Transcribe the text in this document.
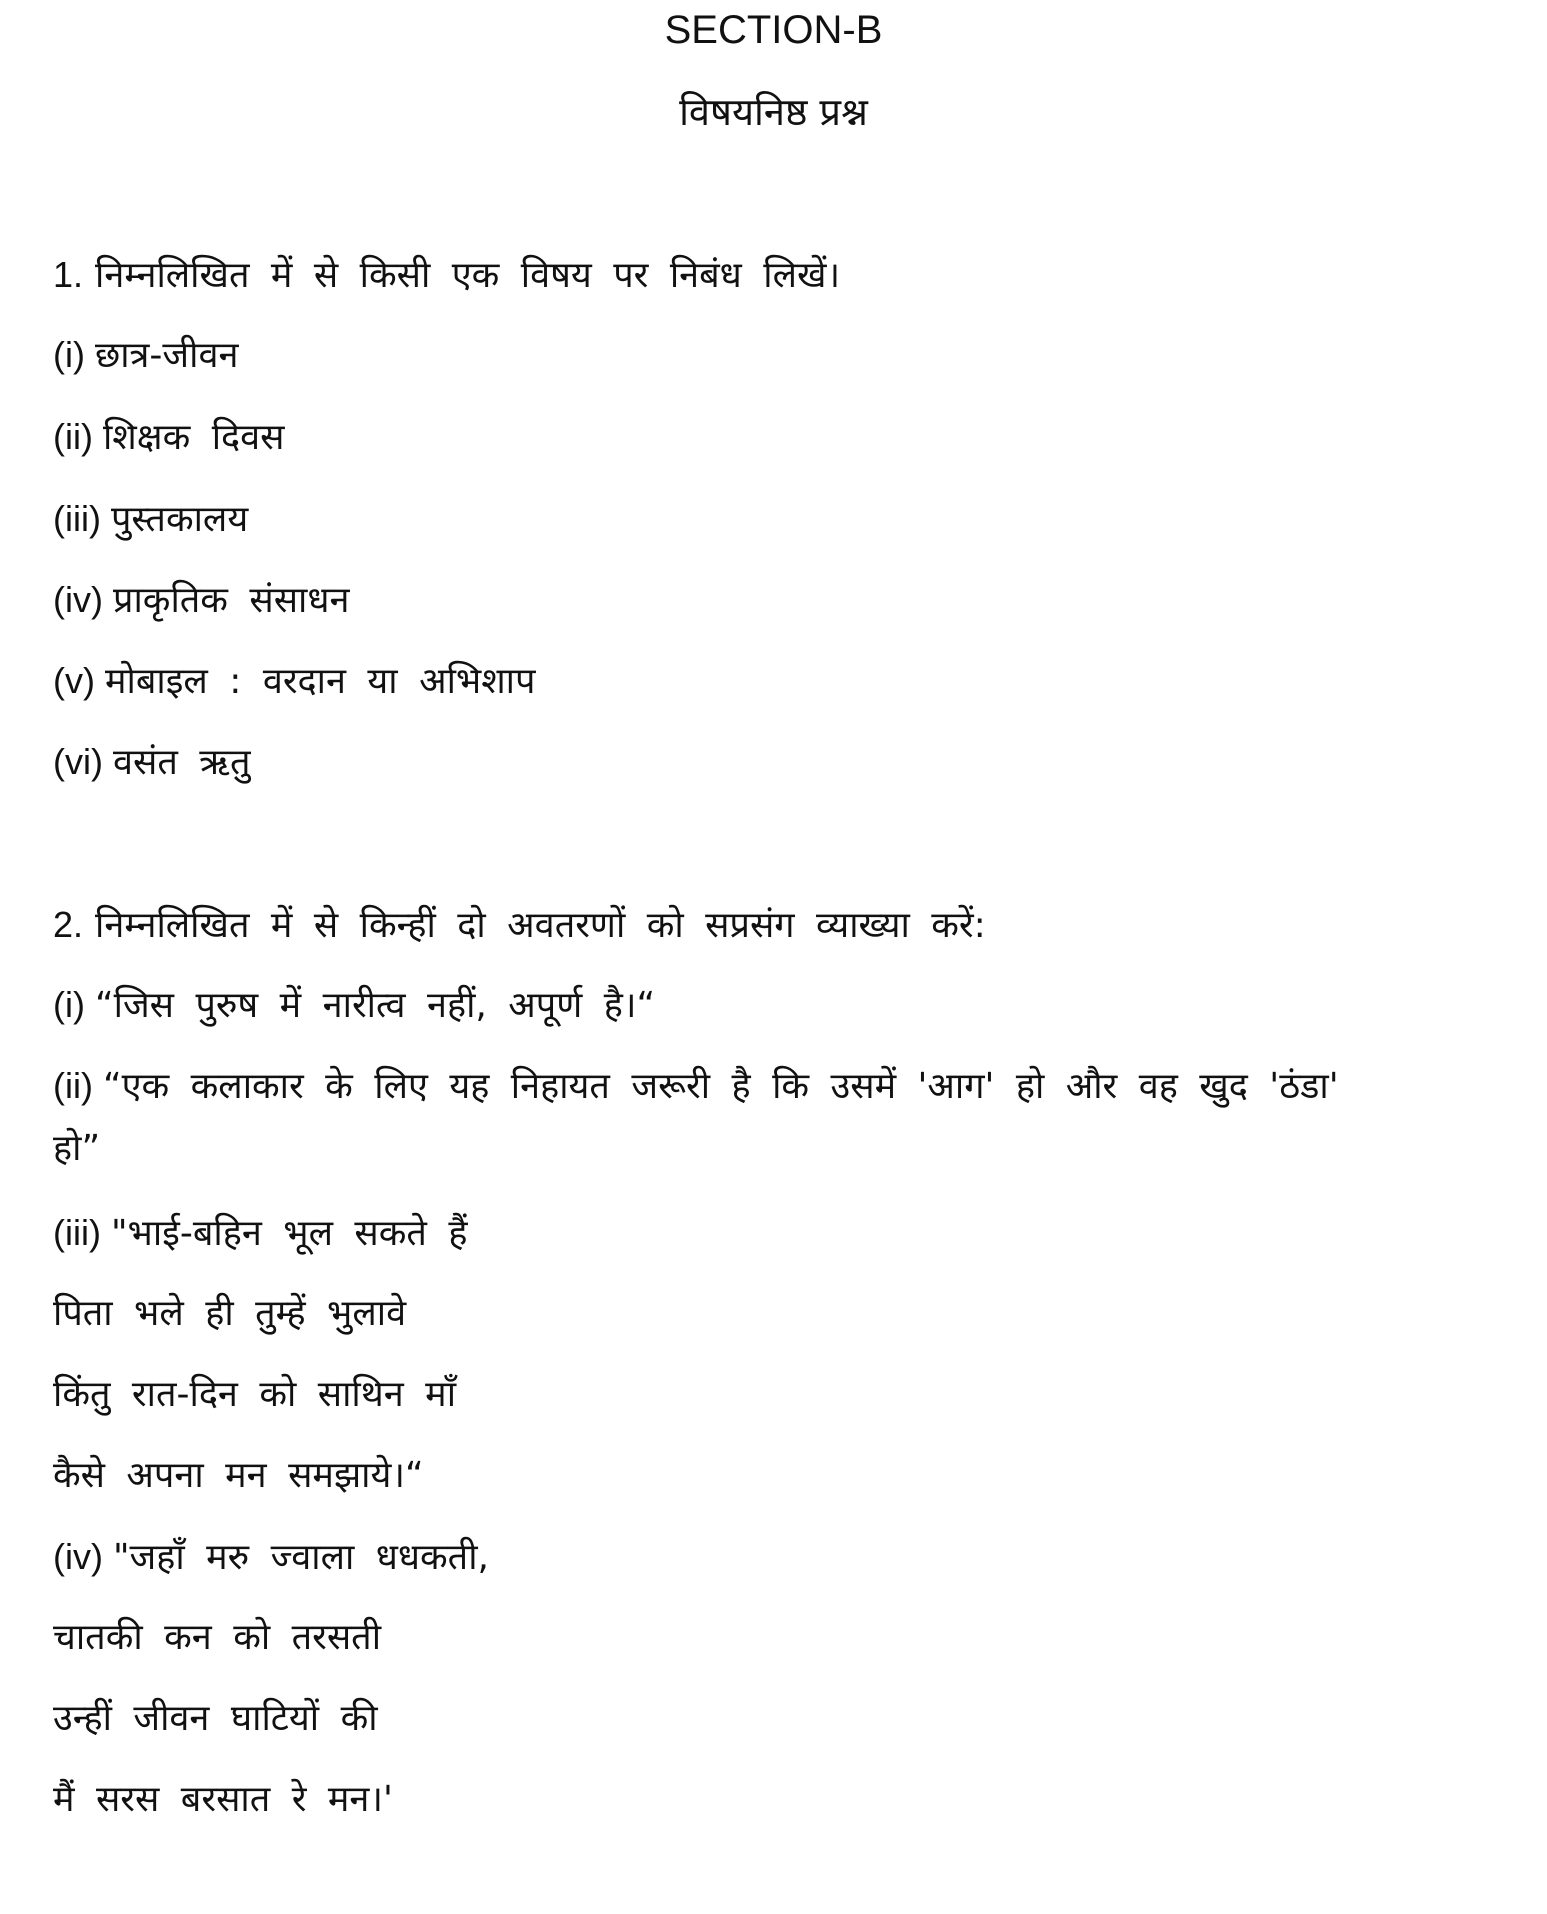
SECTION-B
विषयनिष्ठ प्रश्न
1. निम्नलिखित में से किसी एक विषय पर निबंध लिखें।
(i) छात्र-जीवन
(ii) शिक्षक दिवस
(iii) पुस्तकालय
(iv) प्राकृतिक संसाधन
(v) मोबाइल : वरदान या अभिशाप
(vi) वसंत ऋतु
2. निम्नलिखित में से किन्हीं दो अवतरणों को सप्रसंग व्याख्या करें:
(i) “जिस पुरुष में नारीत्व नहीं, अपूर्ण है।“
(ii) “एक कलाकार के लिए यह निहायत जरूरी है कि उसमें 'आग' हो और वह खुद 'ठंडा'
हो”
(iii) "भाई-बहिन भूल सकते हैं
पिता भले ही तुम्हें भुलावे
किंतु रात-दिन को साथिन माँ
कैसे अपना मन समझाये।“
(iv) "जहाँ मरु ज्वाला धधकती,
चातकी कन को तरसती
उन्हीं जीवन घाटियों की
मैं सरस बरसात रे मन।'
